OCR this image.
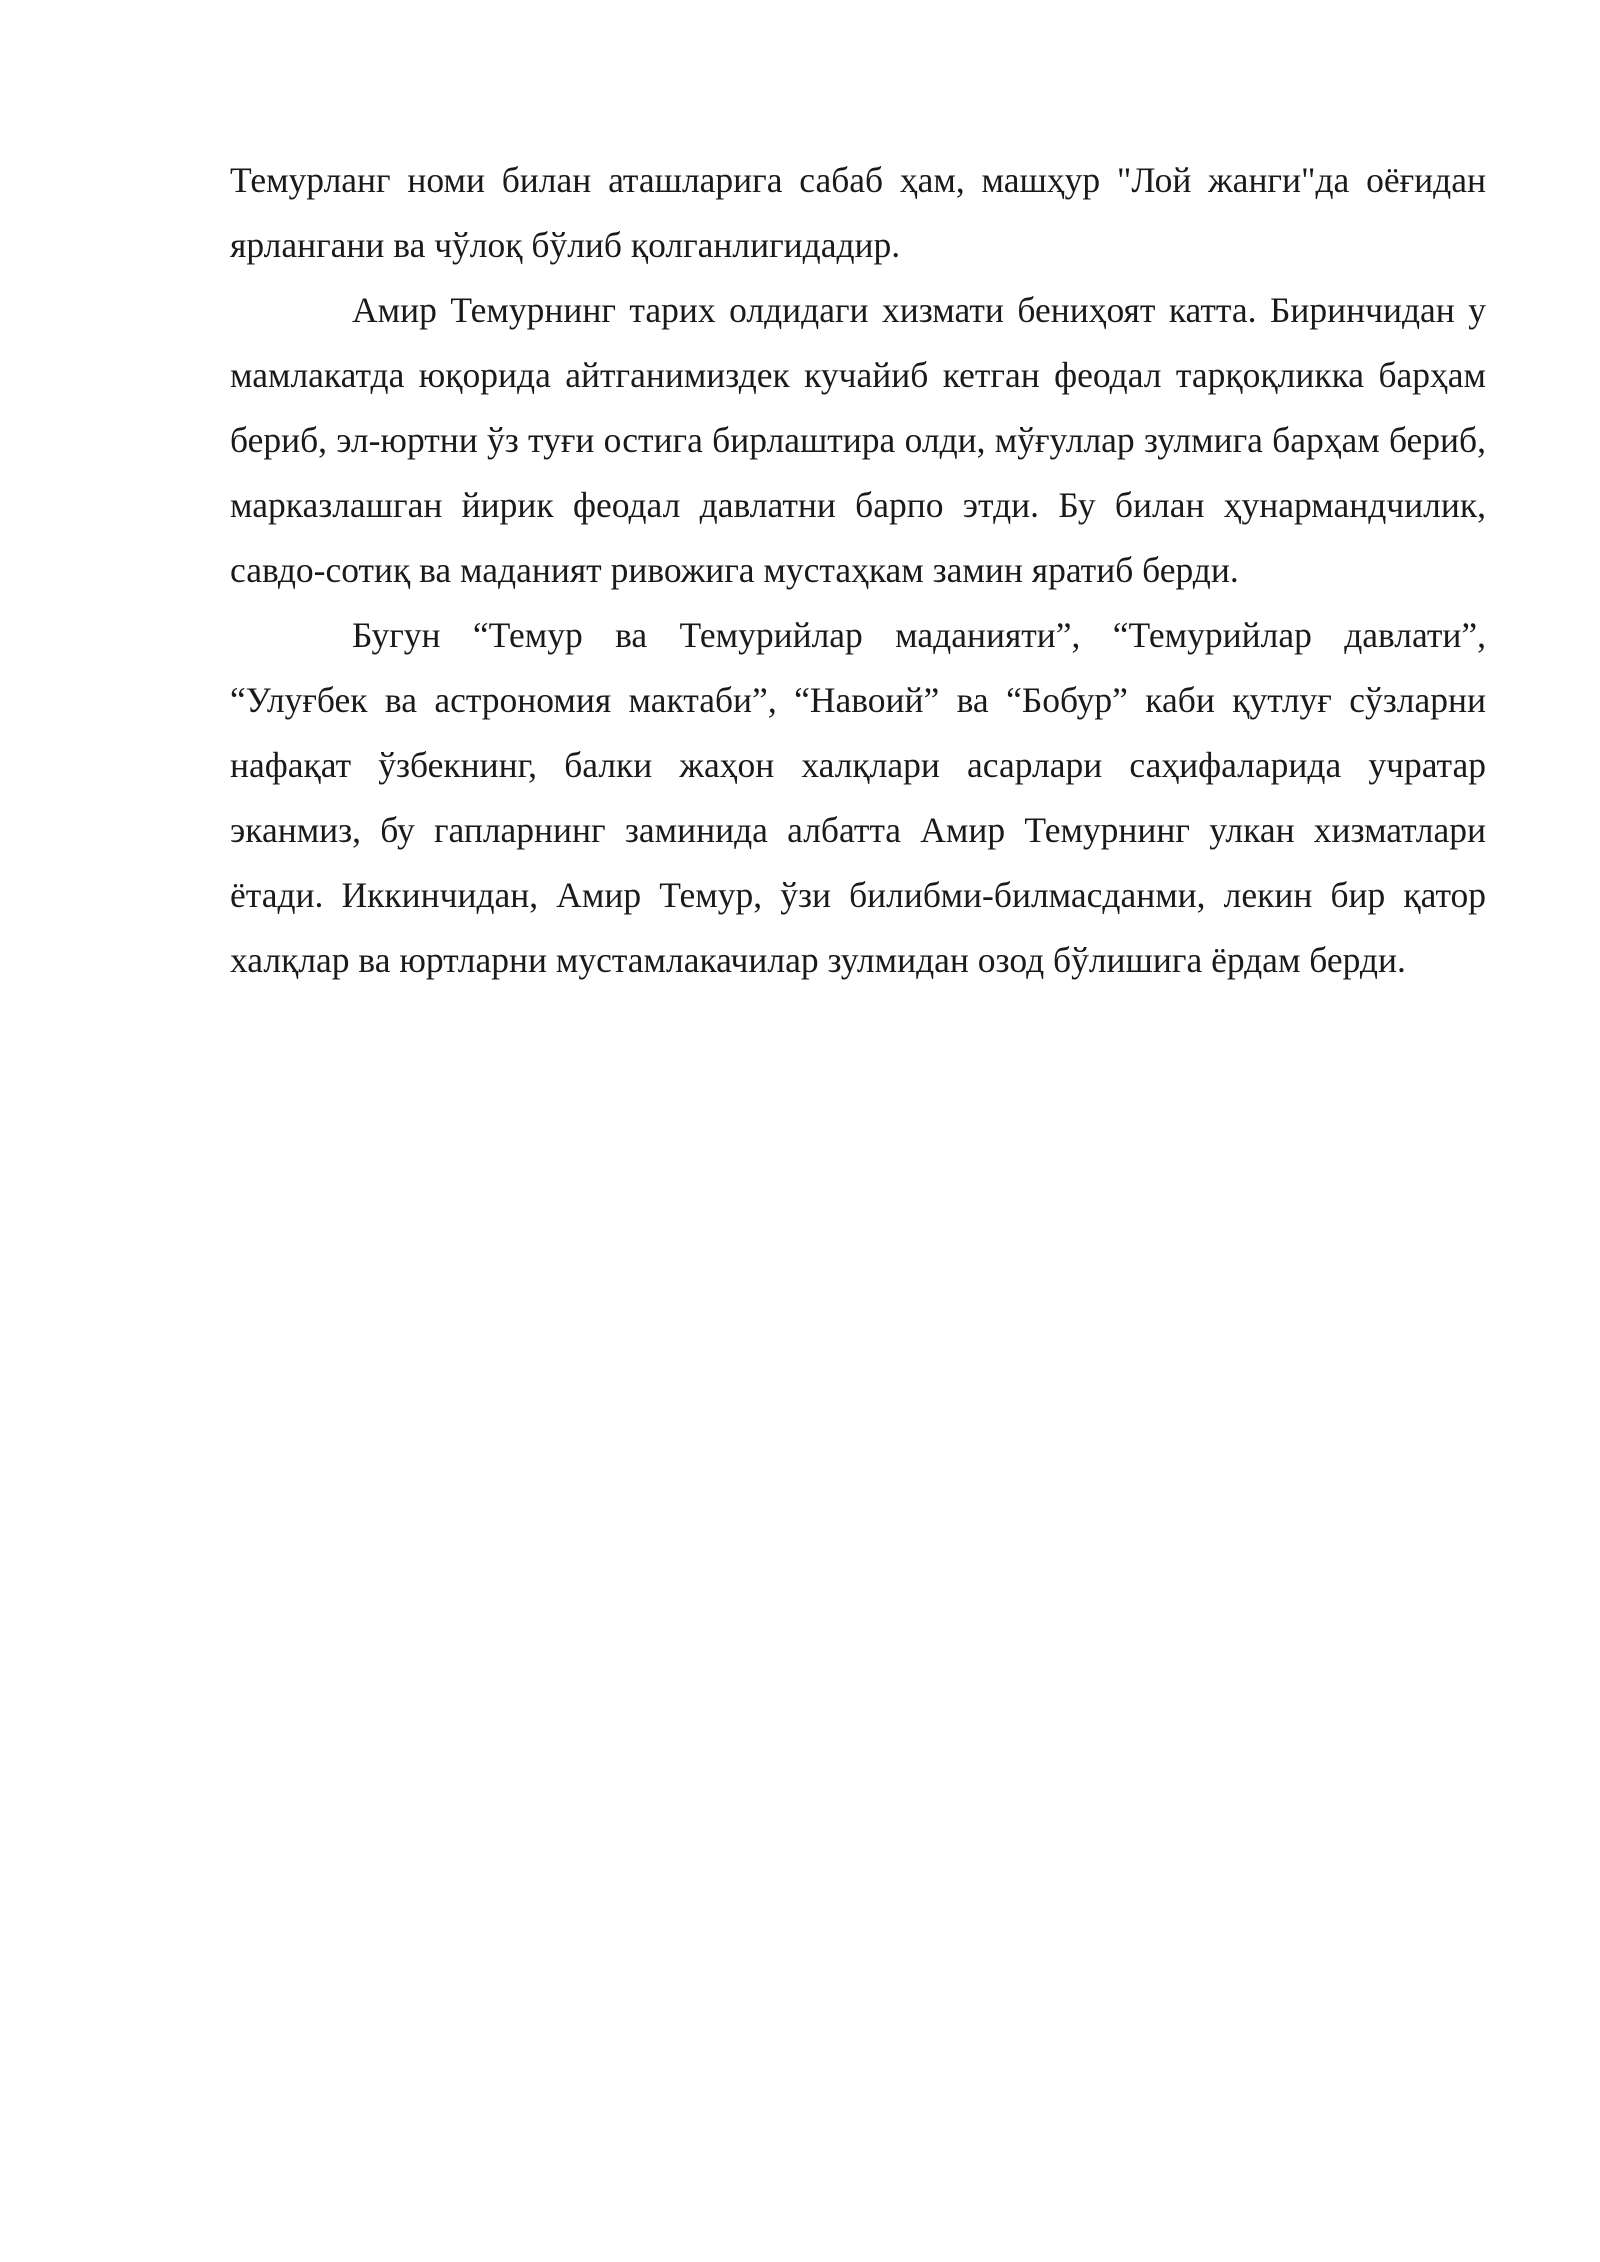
Темурланг номи билан аташларига сабаб ҳам, машҳур "Лой жанги"да оёғидан ярлангани ва чўлоқ бўлиб қолганлигидадир.

Амир Темурнинг тарих олдидаги хизмати бениҳоят катта. Биринчидан у мамлакатда юқорида айтганимиздек кучайиб кетган феодал тарқоқликка барҳам бериб, эл-юртни ўз туғи остига бирлаштира олди, мўғуллар зулмига барҳам бериб, марказлашган йирик феодал давлатни барпо этди. Бу билан ҳунармандчилик, савдо-сотиқ ва маданият ривожига мустаҳкам замин яратиб берди.

Бугун “Темур ва Темурийлар маданияти”, “Темурийлар давлати”, “Улуғбек ва астрономия мактаби”, “Навоий” ва “Бобур” каби қутлуғ сўзларни нафақат ўзбекнинг, балки жаҳон халқлари асарлари саҳифаларида учратар эканмиз, бу гапларнинг заминида албатта Амир Темурнинг улкан хизматлари ётади. Иккинчидан, Амир Темур, ўзи билибми-билмасданми, лекин бир қатор халқлар ва юртларни мустамлакачилар зулмидан озод бўлишига ёрдам берди.
